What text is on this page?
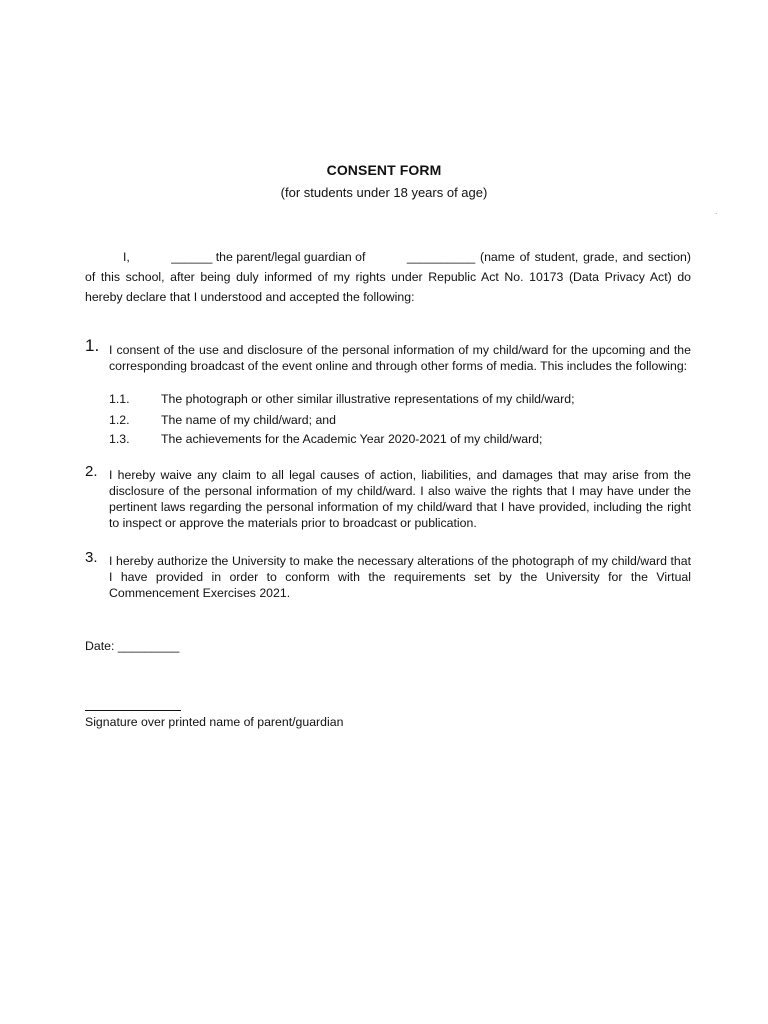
CONSENT FORM
(for students under 18 years of age)
.
I,	______ the parent/legal guardian of	__________ (name of student, grade, and section) of this school, after being duly informed of my rights under Republic Act No. 10173 (Data Privacy Act) do hereby declare that I understood and accepted the following:
1. I consent of the use and disclosure of the personal information of my child/ward for the upcoming and the corresponding broadcast of the event online and through other forms of media. This includes the following:
1.1.	The photograph or other similar illustrative representations of my child/ward;
1.2.	The name of my child/ward; and
1.3.	The achievements for the Academic Year 2020-2021 of my child/ward;
2. I hereby waive any claim to all legal causes of action, liabilities, and damages that may arise from the disclosure of the personal information of my child/ward. I also waive the rights that I may have under the pertinent laws regarding the personal information of my child/ward that I have provided, including the right to inspect or approve the materials prior to broadcast or publication.
3. I hereby authorize the University to make the necessary alterations of the photograph of my child/ward that I have provided in order to conform with the requirements set by the University for the Virtual Commencement Exercises 2021.
Date: _________
Signature over printed name of parent/guardian
